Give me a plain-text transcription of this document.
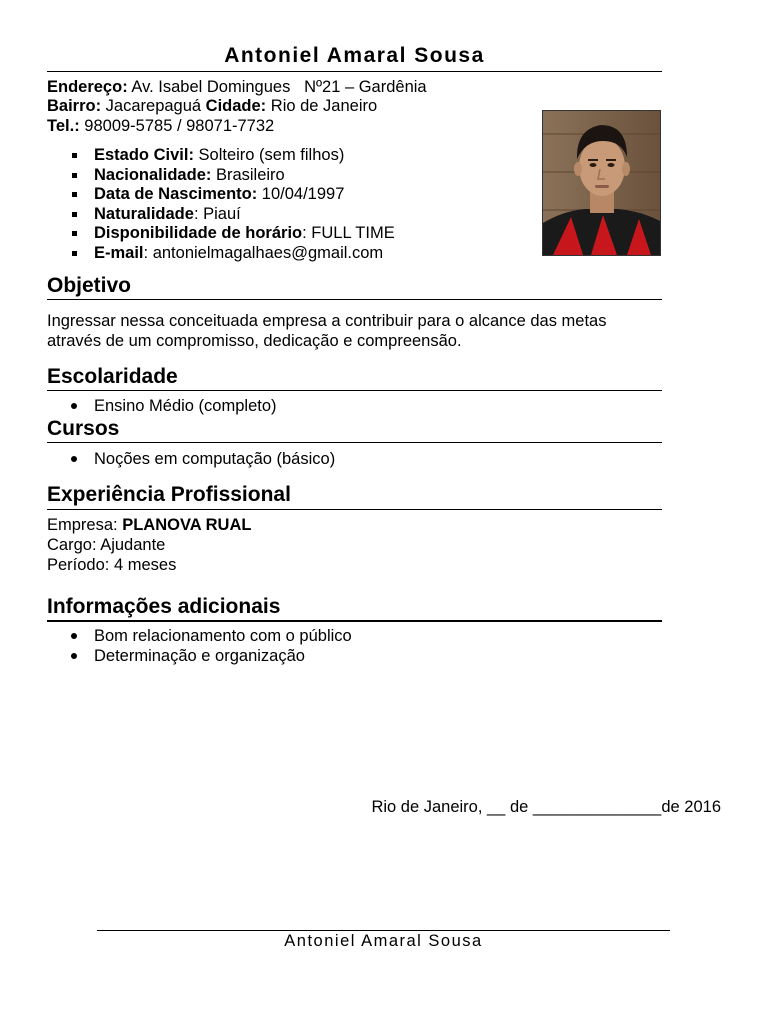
Antoniel Amaral Sousa
Endereço: Av. Isabel Domingues   Nº21 – Gardênia
Bairro: Jacarepaguá Cidade: Rio de Janeiro
Tel.: 98009-5785 / 98071-7732
Estado Civil: Solteiro (sem filhos)
Nacionalidade: Brasileiro
Data de Nascimento: 10/04/1997
Naturalidade: Piauí
Disponibilidade de horário: FULL TIME
E-mail: antonielmagalhaes@gmail.com
Objetivo
Ingressar nessa conceituada empresa a contribuir para o alcance das metas
através de um compromisso, dedicação e compreensão.
Escolaridade
Ensino Médio (completo)
Cursos
Noções em computação (básico)
Experiência Profissional
Empresa: PLANOVA RUAL
Cargo: Ajudante
Período: 4 meses
Informações adicionais
Bom relacionamento com o público
Determinação e organização
Rio de Janeiro, __ de ______________de 2016
Antoniel Amaral Sousa
